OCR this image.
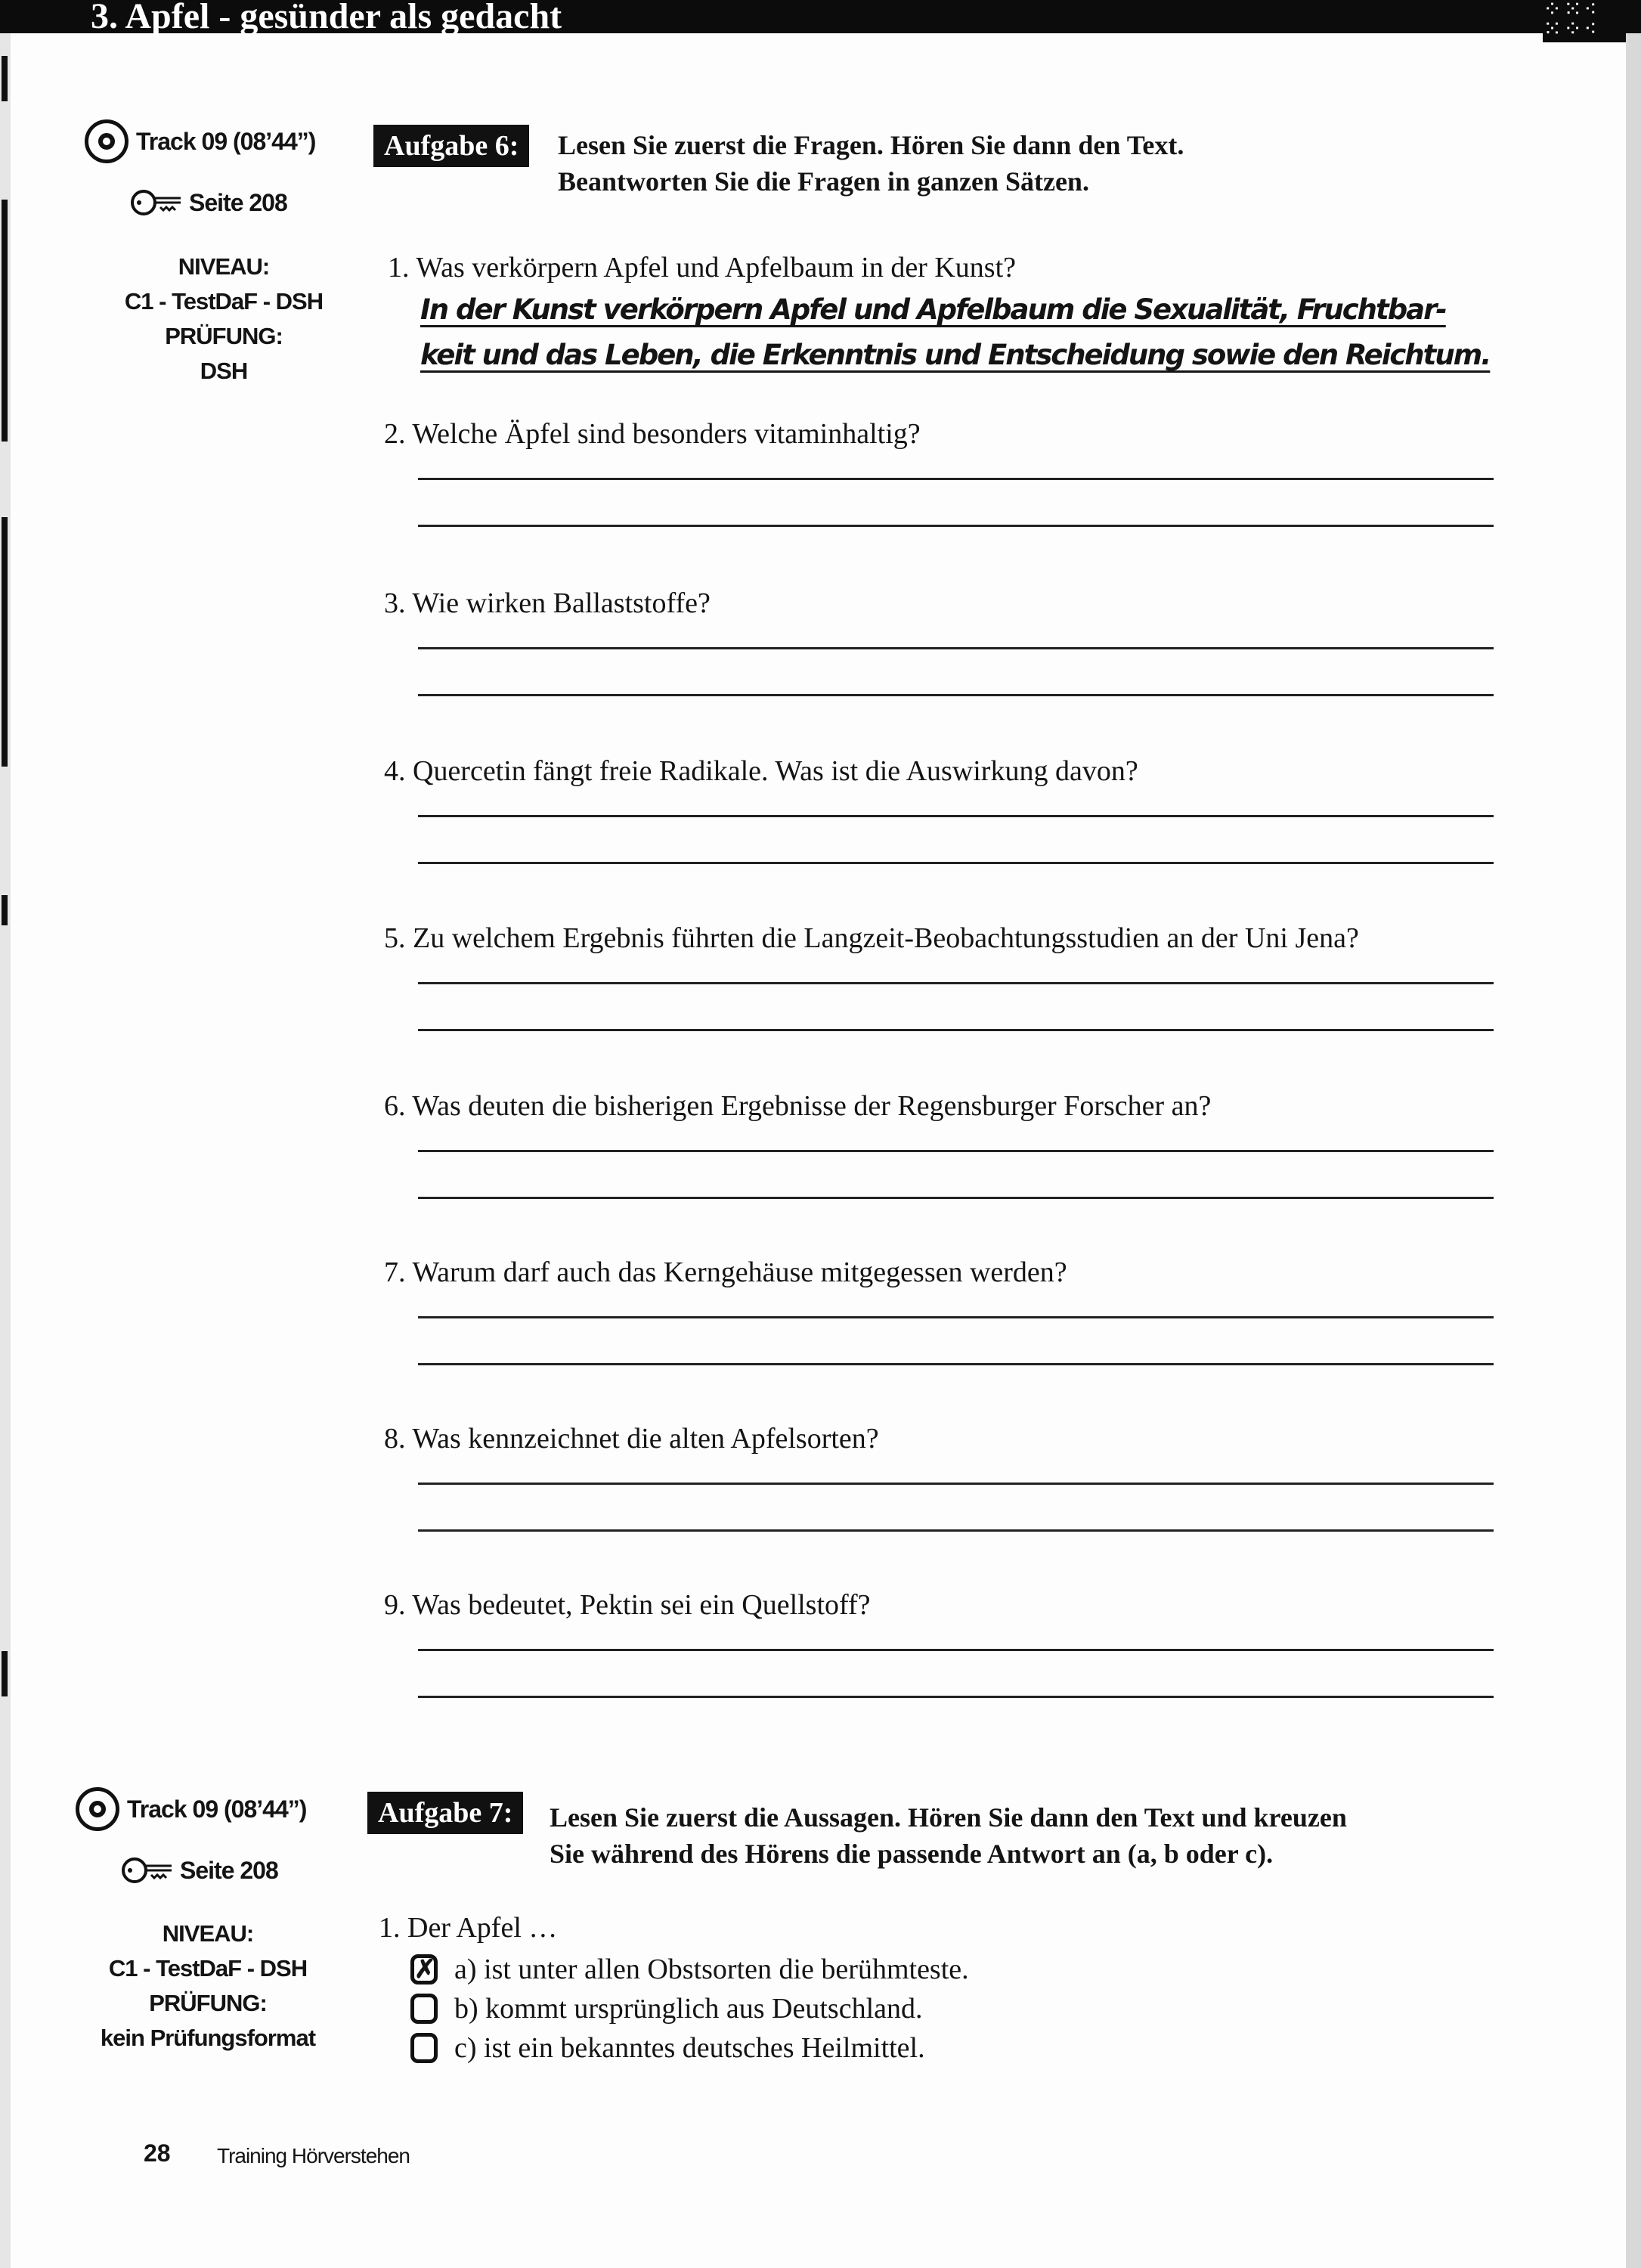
3. Apfel - gesünder als gedacht	⁘⁙⁖
⁙⁘⁖
Track 09 (08’44”)	Aufgabe 6:	Lesen Sie zuerst die Fragen. Hören Sie dann den Text.
Beantworten Sie die Fragen in ganzen Sätzen.
Seite 208
NIVEAU:
C1 - TestDaF - DSH
PRÜFUNG:
DSH
1. Was verkörpern Apfel und Apfelbaum in der Kunst?
In der Kunst verkörpern Apfel und Apfelbaum die Sexualität, Fruchtbar-
keit und das Leben, die Erkenntnis und Entscheidung sowie den Reichtum.
2. Welche Äpfel sind besonders vitaminhaltig?
3. Wie wirken Ballaststoffe?
4. Quercetin fängt freie Radikale. Was ist die Auswirkung davon?
5. Zu welchem Ergebnis führten die Langzeit-Beobachtungsstudien an der Uni Jena?
6. Was deuten die bisherigen Ergebnisse der Regensburger Forscher an?
7. Warum darf auch das Kerngehäuse mitgegessen werden?
8. Was kennzeichnet die alten Apfelsorten?
9. Was bedeutet, Pektin sei ein Quellstoff?
Track 09 (08’44”)	Aufgabe 7:	Lesen Sie zuerst die Aussagen. Hören Sie dann den Text und kreuzen
Sie während des Hörens die passende Antwort an (a, b oder c).
Seite 208
NIVEAU:
C1 - TestDaF - DSH
PRÜFUNG:
kein Prüfungsformat
1. Der Apfel …
✗ a) ist unter allen Obstsorten die berühmteste.
b) kommt ursprünglich aus Deutschland.
c) ist ein bekanntes deutsches Heilmittel.
28 Training Hörverstehen
